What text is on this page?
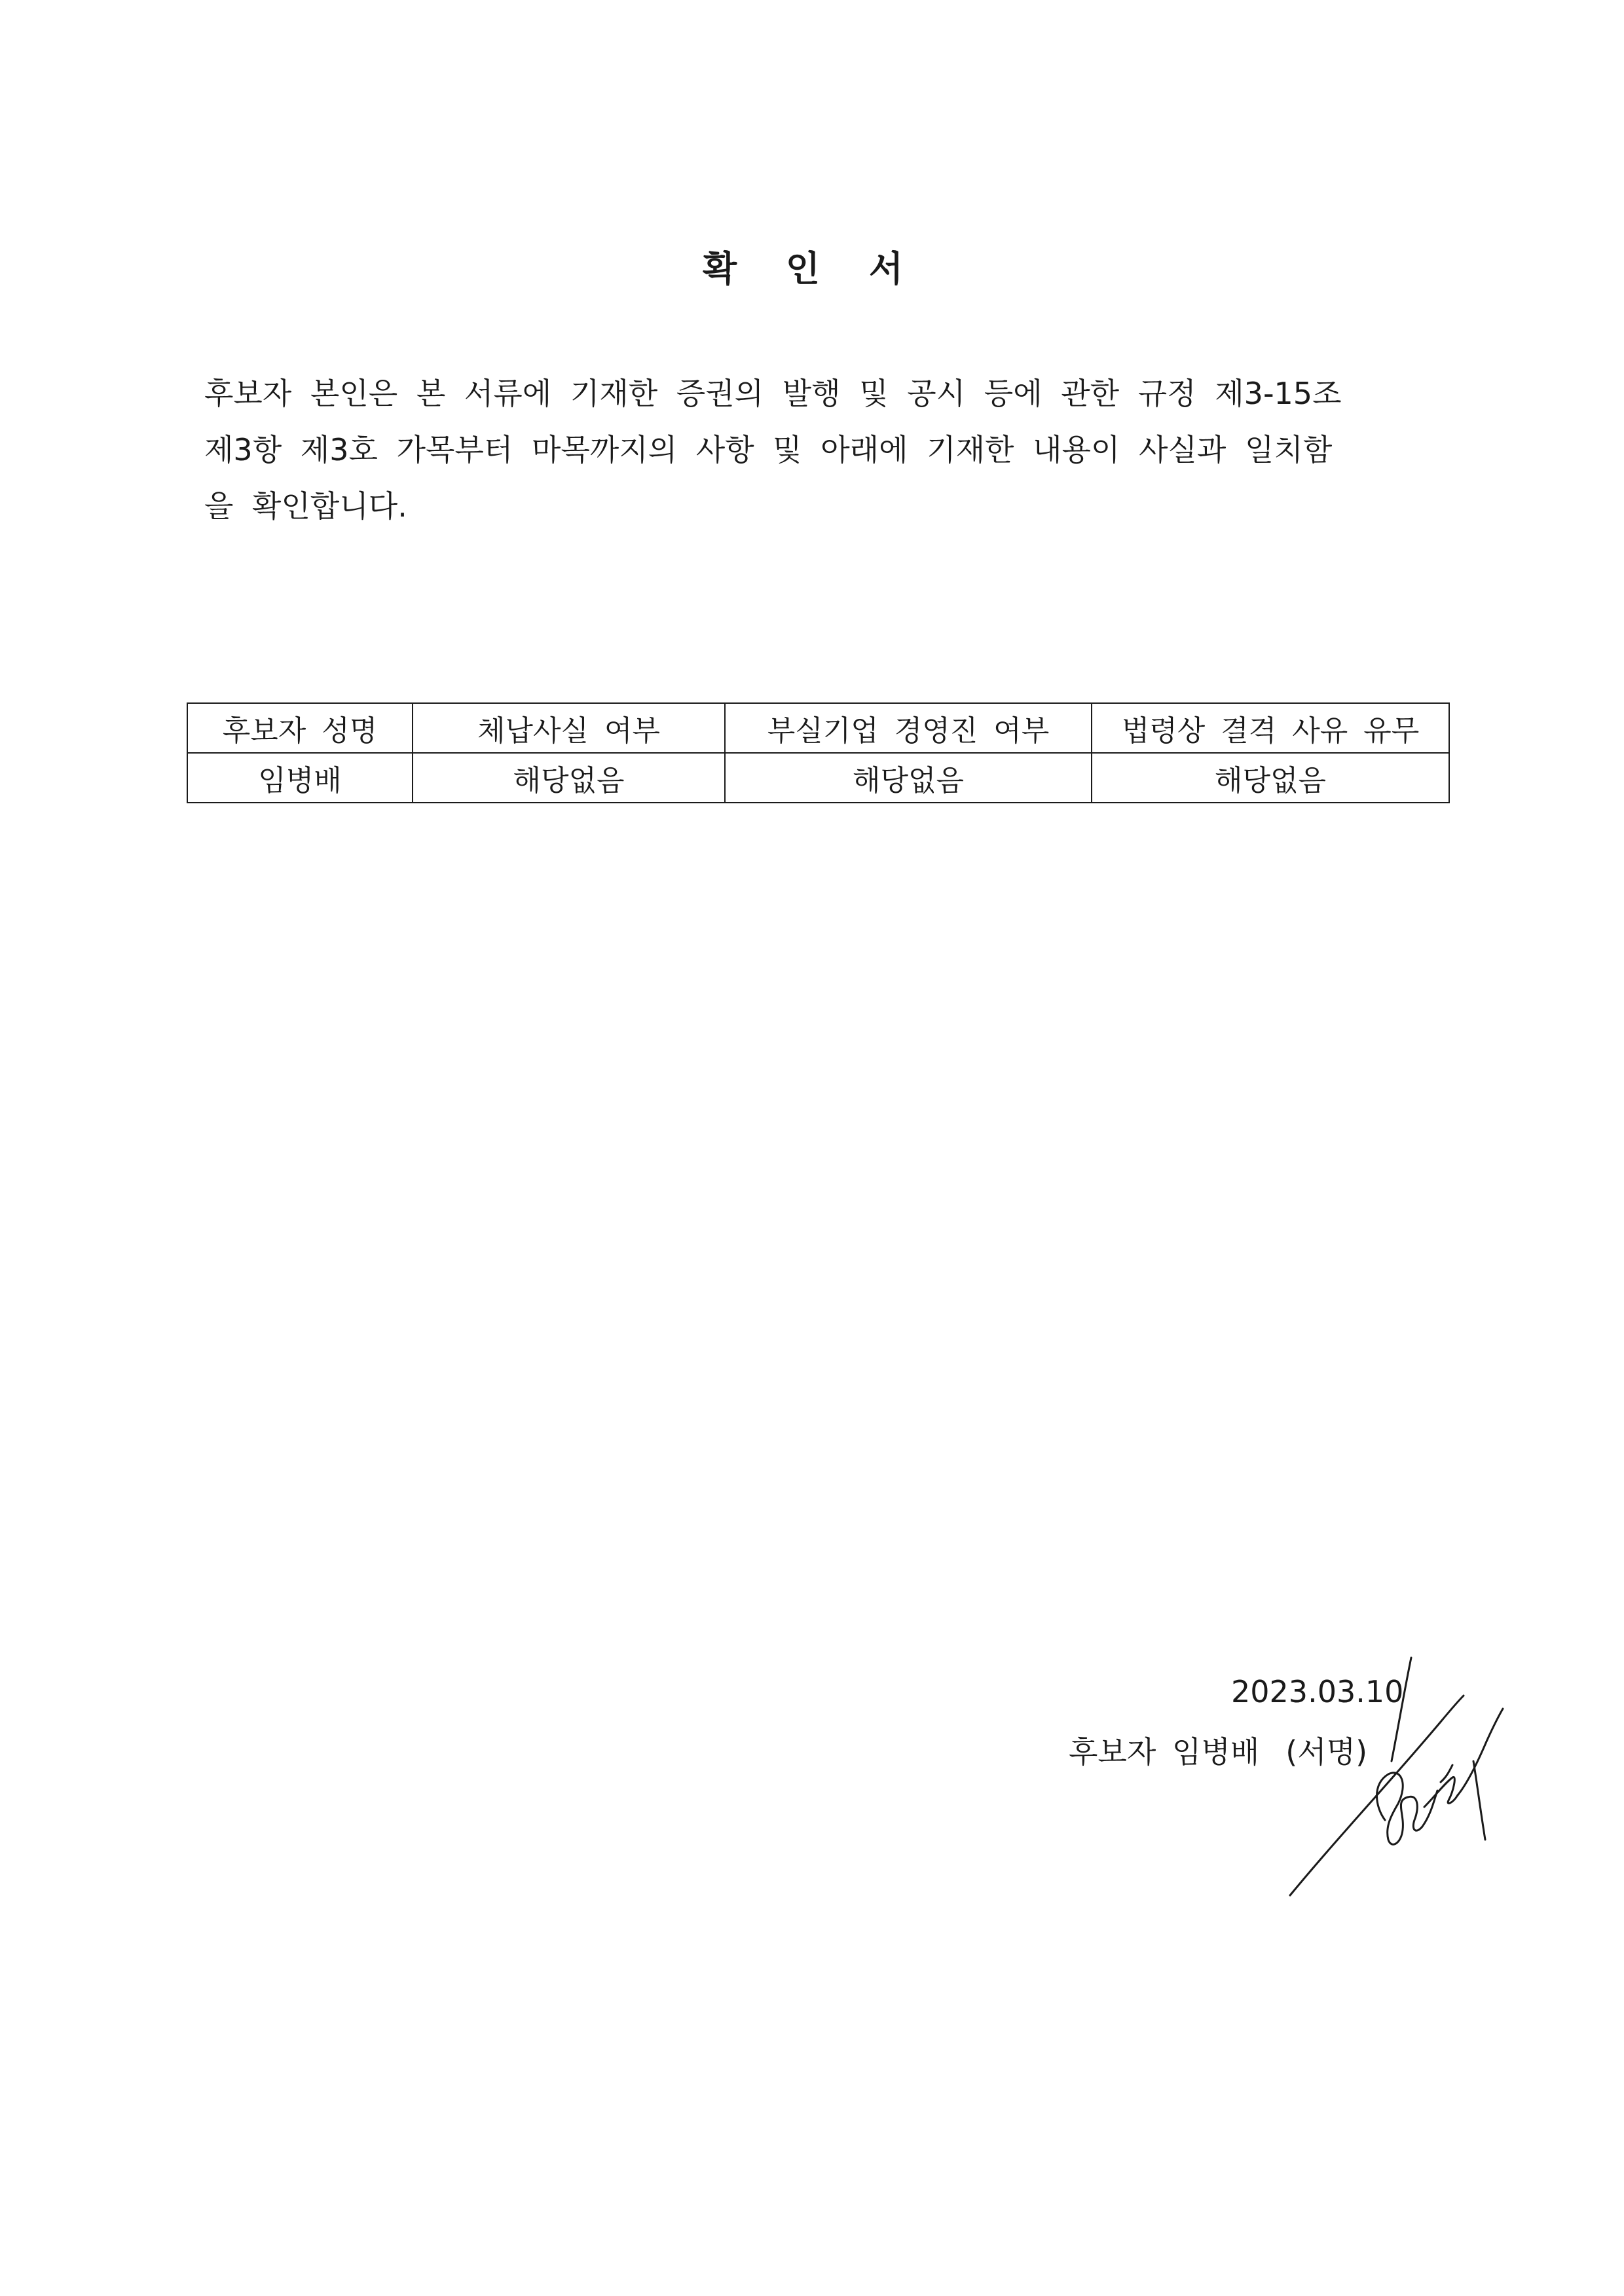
확 인 서
후보자 본인은 본 서류에 기재한 증권의 발행 및 공시 등에 관한 규정 제3-15조
제3항 제3호 가목부터 마목까지의 사항 및 아래에 기재한 내용이 사실과 일치함
을 확인합니다.
후보자 성명	체납사실 여부	부실기업 경영진 여부	법령상 결격 사유 유무
임병배	해당없음	해당없음	해당없음
2023.03.10
후보자 임병배 (서명)
